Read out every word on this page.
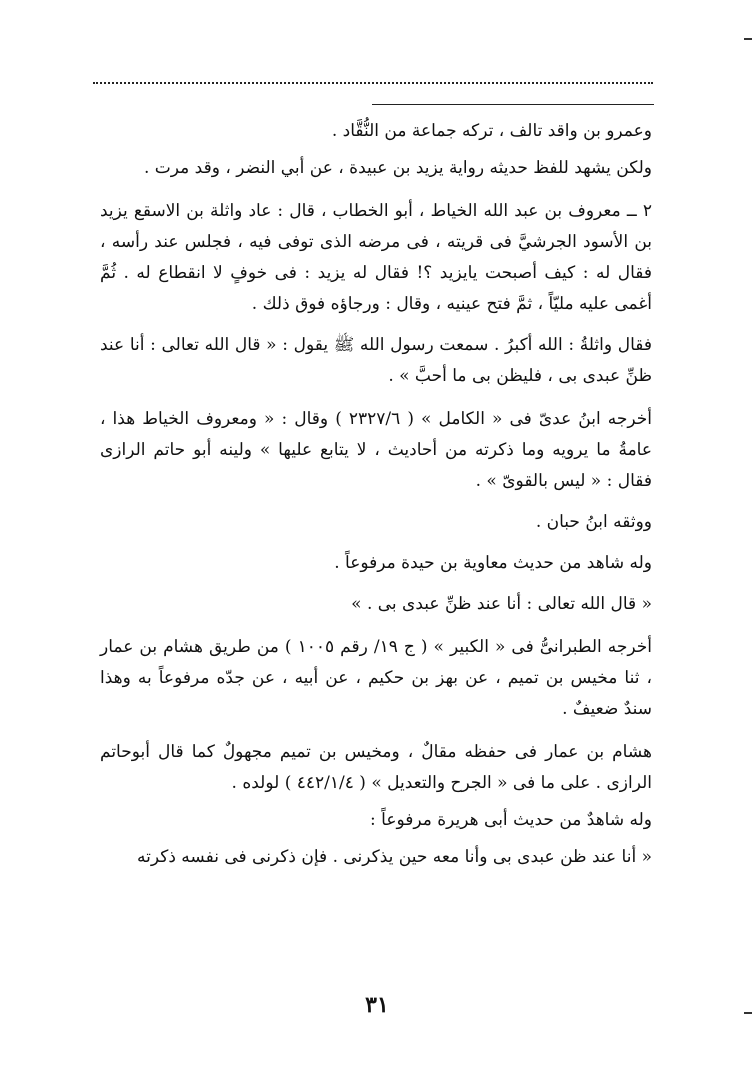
وعمرو بن واقد تالف ، تركه جماعة من النُّقَّاد .

ولكن يشهد للفظ حديثه رواية يزيد بن عبيدة ، عن أبي النضر ، وقد مرت .

٢ ــ معروف بن عبد الله الخياط ، أبو الخطاب ، قال : عاد واثلة بن الاسقع يزيد بن الأسود الجرشيَّ فى قريته ، فى مرضه الذى توفى فيه ، فجلس عند رأسه ، فقال له : كيف أصبحت يايزيد ؟! فقال له يزيد : فى خوفٍ لا انقطاع له . ثُمَّ أغمى عليه مليّاً ، ثمَّ فتح عينيه ، وقال : ورجاؤه فوق ذلك .

فقال واثلةُ : الله أكبرُ . سمعت رسول الله ﷺ يقول : « قال الله تعالى : أنا عند ظنِّ عبدى بى ، فليظن بى ما أحبَّ » .

أخرجه ابنُ عدىّ فى « الكامل » ( ٢٣٢٧/٦ ) وقال : « ومعروف الخياط هذا ، عامةُ ما يرويه وما ذكرته من أحاديث ، لا يتابع عليها » ولينه أبو حاتم الرازى فقال : « ليس بالقوىّ » .

ووثقه ابنُ حبان .

وله شاهد من حديث معاوية بن حيدة مرفوعاً .

« قال الله تعالى : أنا عند ظنِّ عبدى بى . »

أخرجه الطبرانىُّ فى « الكبير » ( ج ١٩/ رقم ١٠٠٥ ) من طريق هشام بن عمار ، ثنا مخيس بن تميم ، عن بهز بن حكيم ، عن أبيه ، عن جدّه مرفوعاً به وهذا سندٌ ضعيفٌ .

هشام بن عمار فى حفظه مقالٌ ، ومخيس بن تميم مجهولٌ كما قال أبوحاتم الرازى . على ما فى « الجرح والتعديل » ( ٤٤٢/١/٤ ) لولده .

وله شاهدٌ من حديث أبى هريرة مرفوعاً :

« أنا عند ظن عبدى بى وأنا معه حين يذكرنى . فإن ذكرنى فى نفسه ذكرته

٣١
